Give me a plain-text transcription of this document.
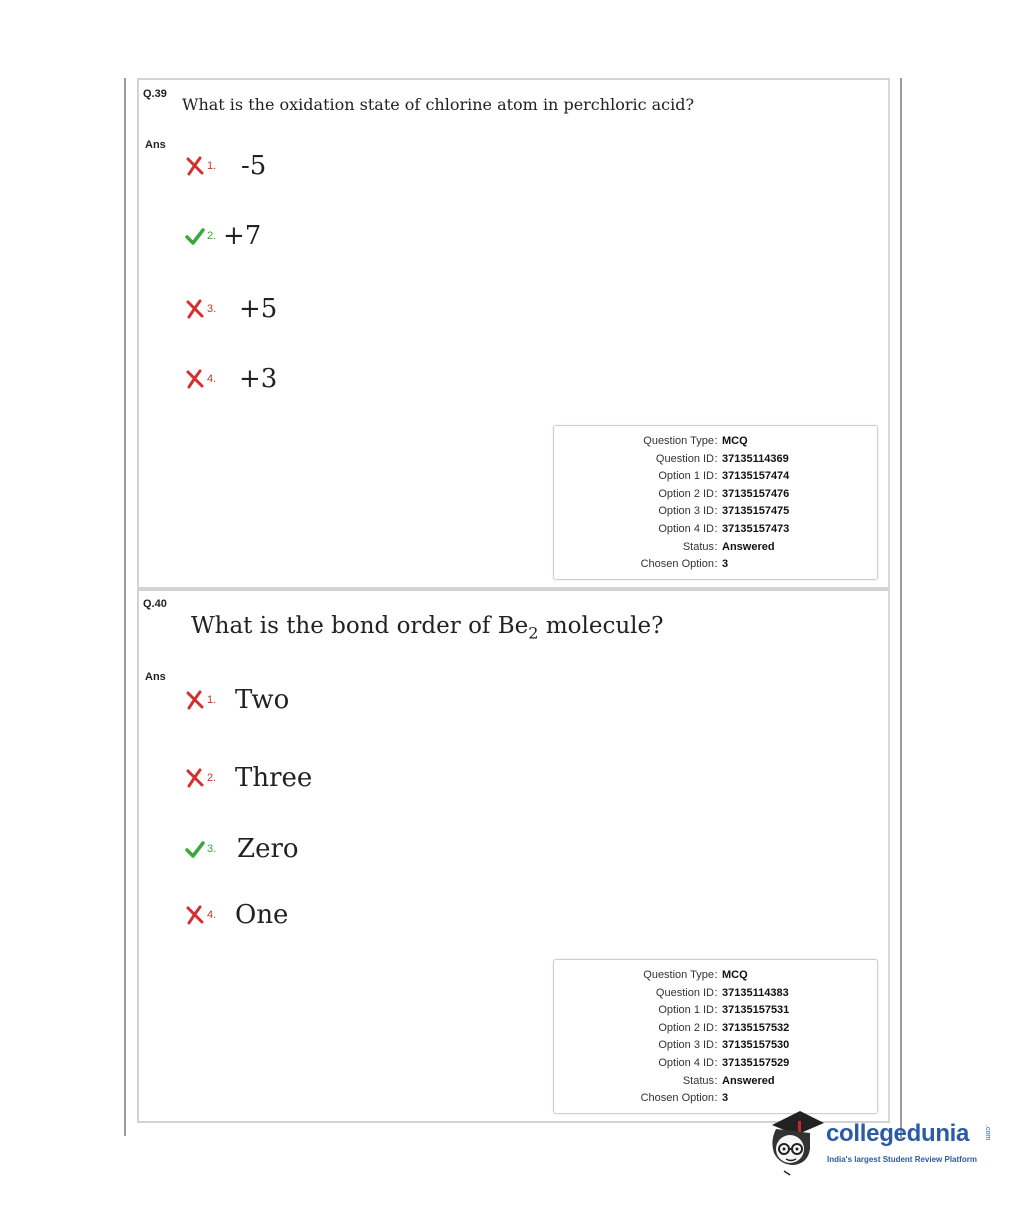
Q.39
What is the oxidation state of chlorine atom in perchloric acid?
Ans
1. -5
2. +7
3. +5
4. +3
Question Type : MCQ
Question ID : 37135114369
Option 1 ID : 37135157474
Option 2 ID : 37135157476
Option 3 ID : 37135157475
Option 4 ID : 37135157473
Status : Answered
Chosen Option : 3
Q.40
What is the bond order of $Be_2$ molecule?
Ans
1. Two
2. Three
3. Zero
4. One
Question Type : MCQ
Question ID : 37135114383
Option 1 ID : 37135157531
Option 2 ID : 37135157532
Option 3 ID : 37135157530
Option 4 ID : 37135157529
Status : Answered
Chosen Option : 3
collegedunia .com
India's largest Student Review Platform
